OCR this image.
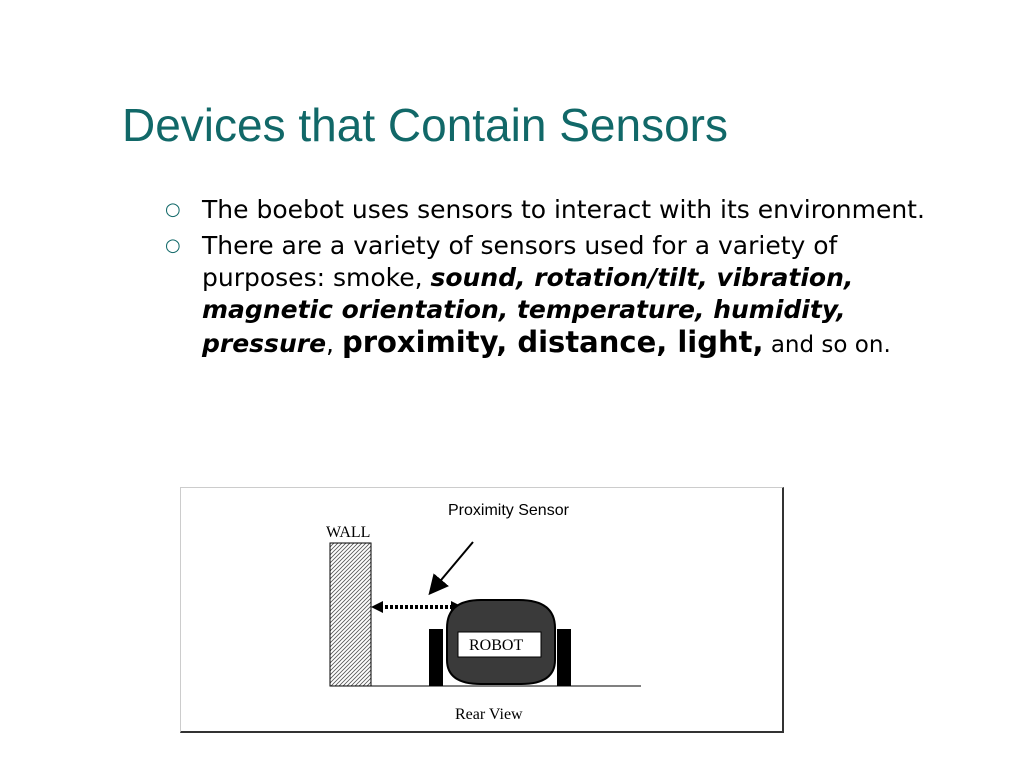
Devices that Contain Sensors
○ The boebot uses sensors to interact with its environment.
○ There are a variety of sensors used for a variety of purposes: smoke, sound, rotation/tilt, vibration, magnetic orientation, temperature, humidity, pressure, proximity, distance, light, and so on.
Proximity Sensor
WALL
ROBOT
Rear View
